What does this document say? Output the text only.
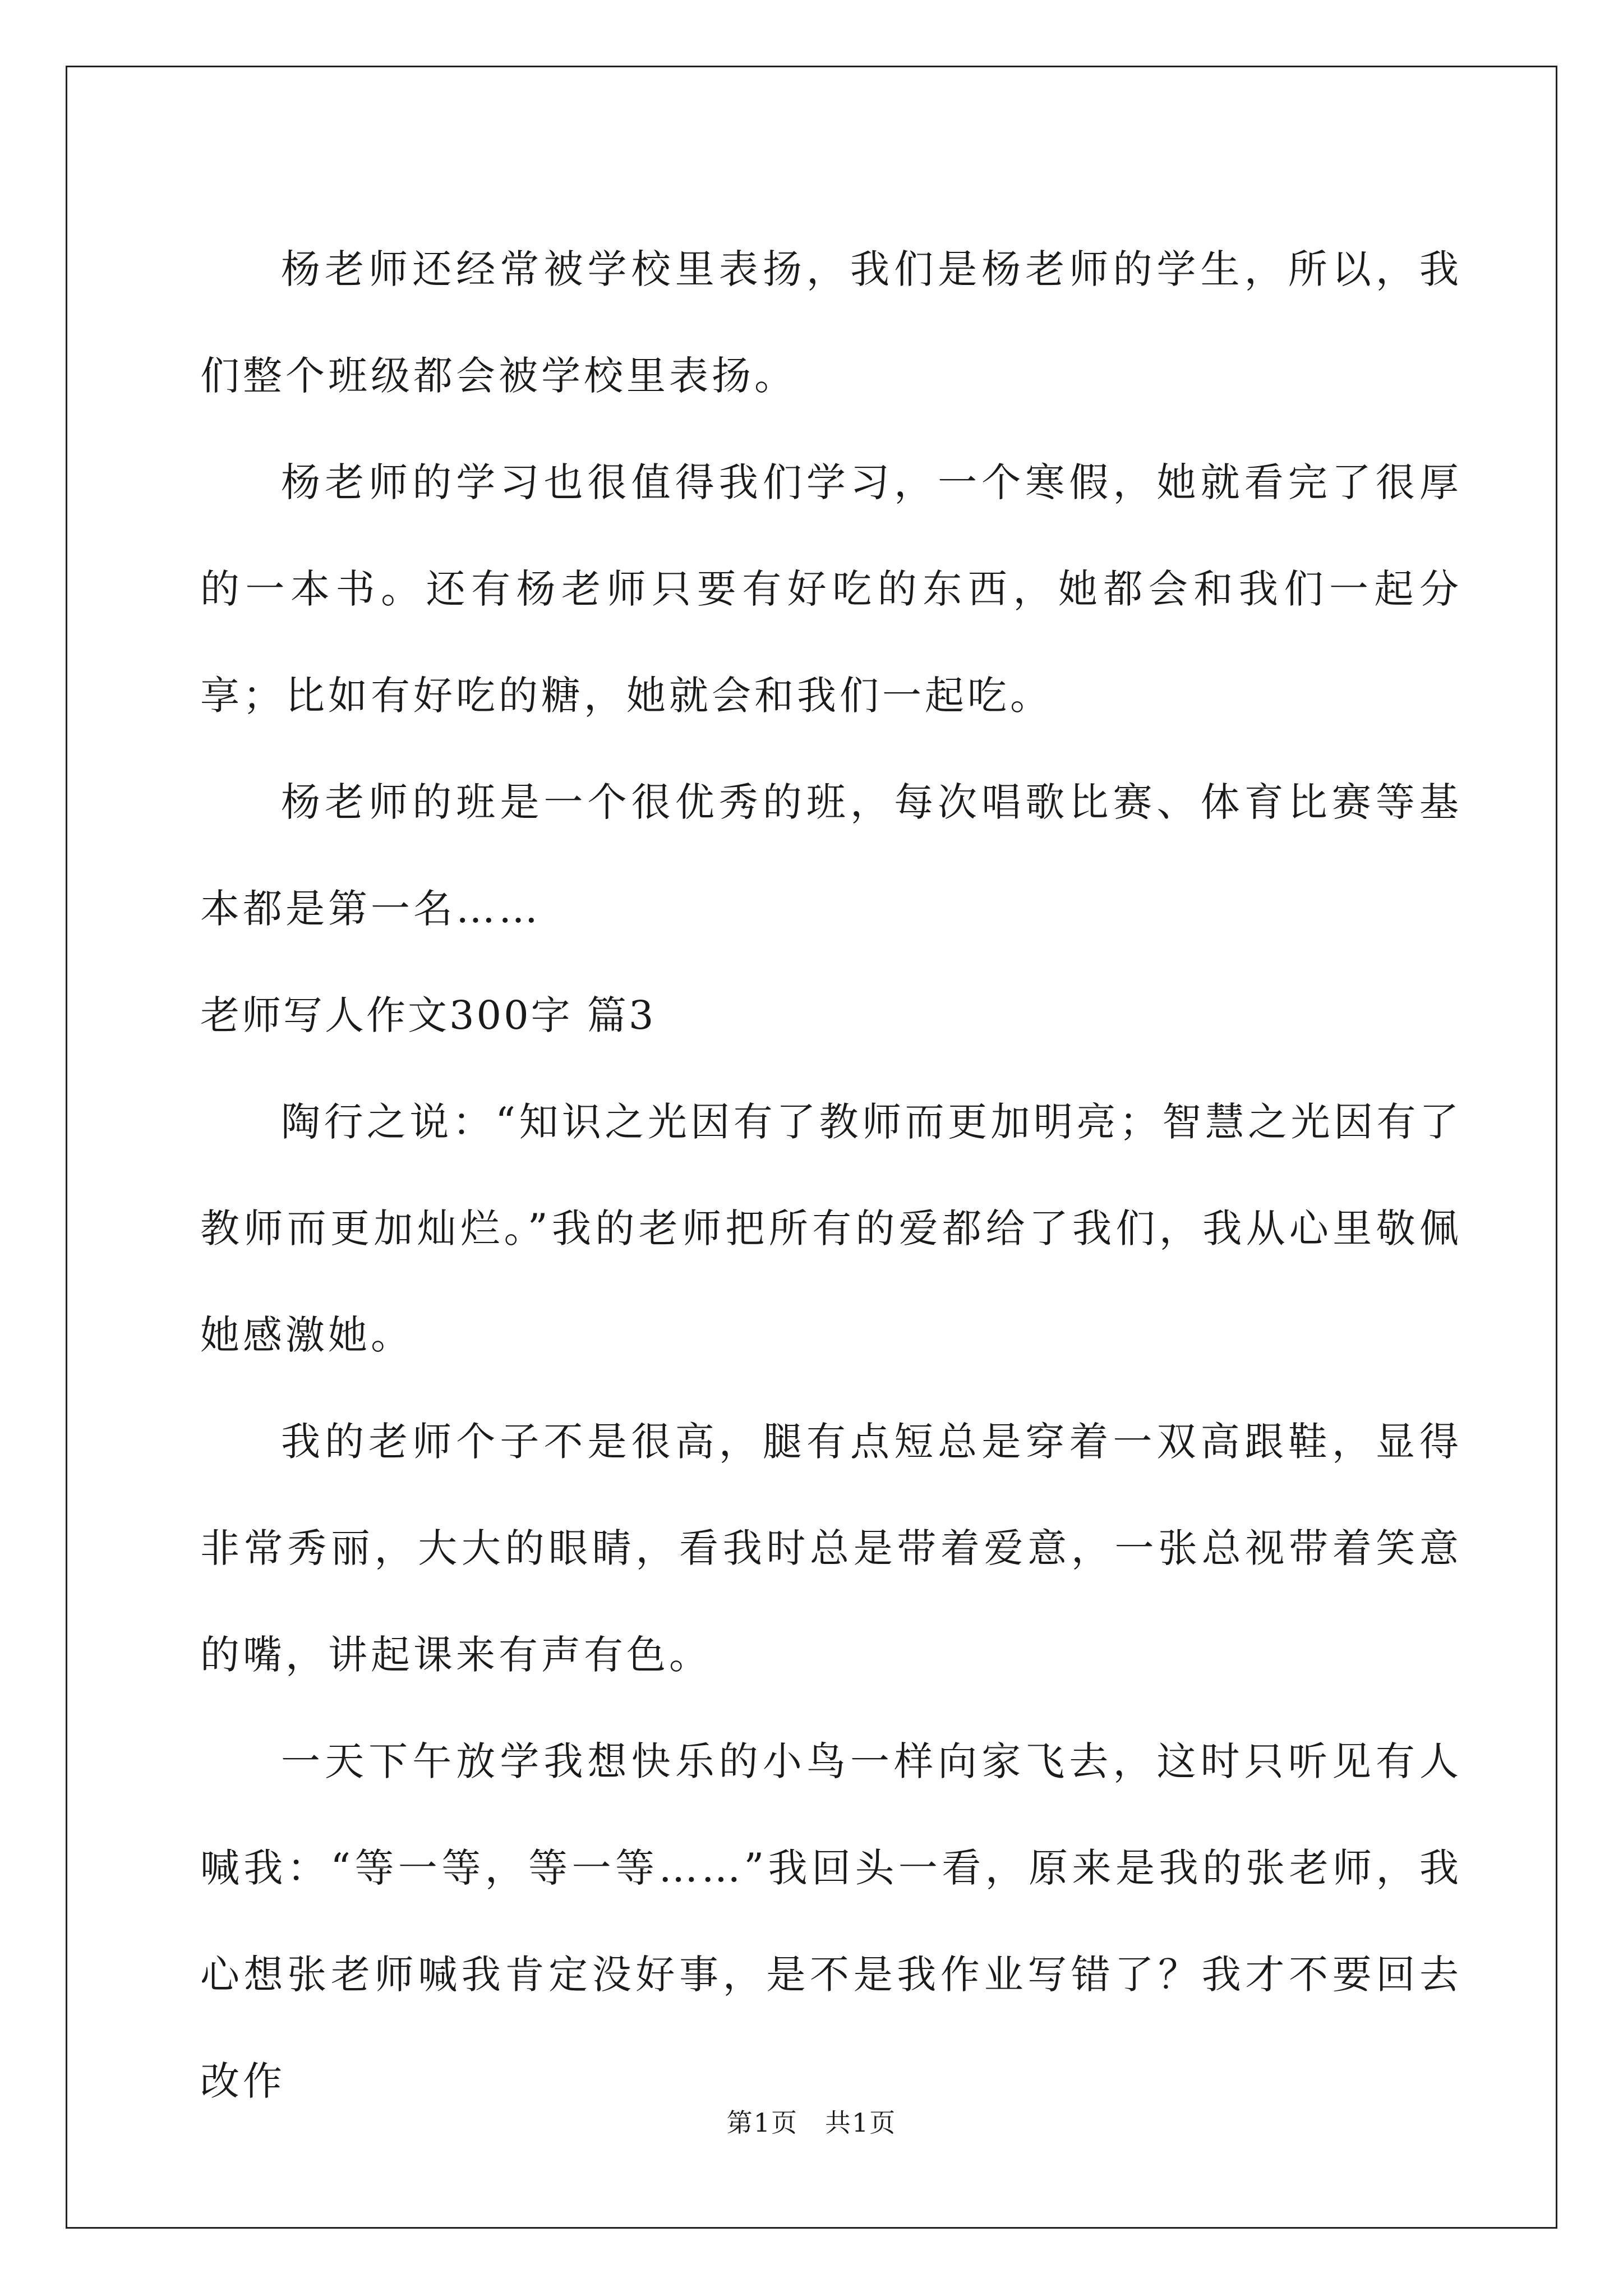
杨老师还经常被学校里表扬，我们是杨老师的学生，所以，我们整个班级都会被学校里表扬。

杨老师的学习也很值得我们学习，一个寒假，她就看完了很厚的一本书。还有杨老师只要有好吃的东西，她都会和我们一起分享；比如有好吃的糖，她就会和我们一起吃。

杨老师的班是一个很优秀的班，每次唱歌比赛、体育比赛等基本都是第一名……

老师写人作文300字 篇3

陶行之说：“知识之光因有了教师而更加明亮；智慧之光因有了教师而更加灿烂。”我的老师把所有的爱都给了我们，我从心里敬佩她感激她。

我的老师个子不是很高，腿有点短总是穿着一双高跟鞋，显得非常秀丽，大大的眼睛，看我时总是带着爱意，一张总视带着笑意的嘴，讲起课来有声有色。

一天下午放学我想快乐的小鸟一样向家飞去，这时只听见有人喊我：“等一等，等一等……”我回头一看，原来是我的张老师，我心想张老师喊我肯定没好事，是不是我作业写错了？我才不要回去改作

第1页　共1页
